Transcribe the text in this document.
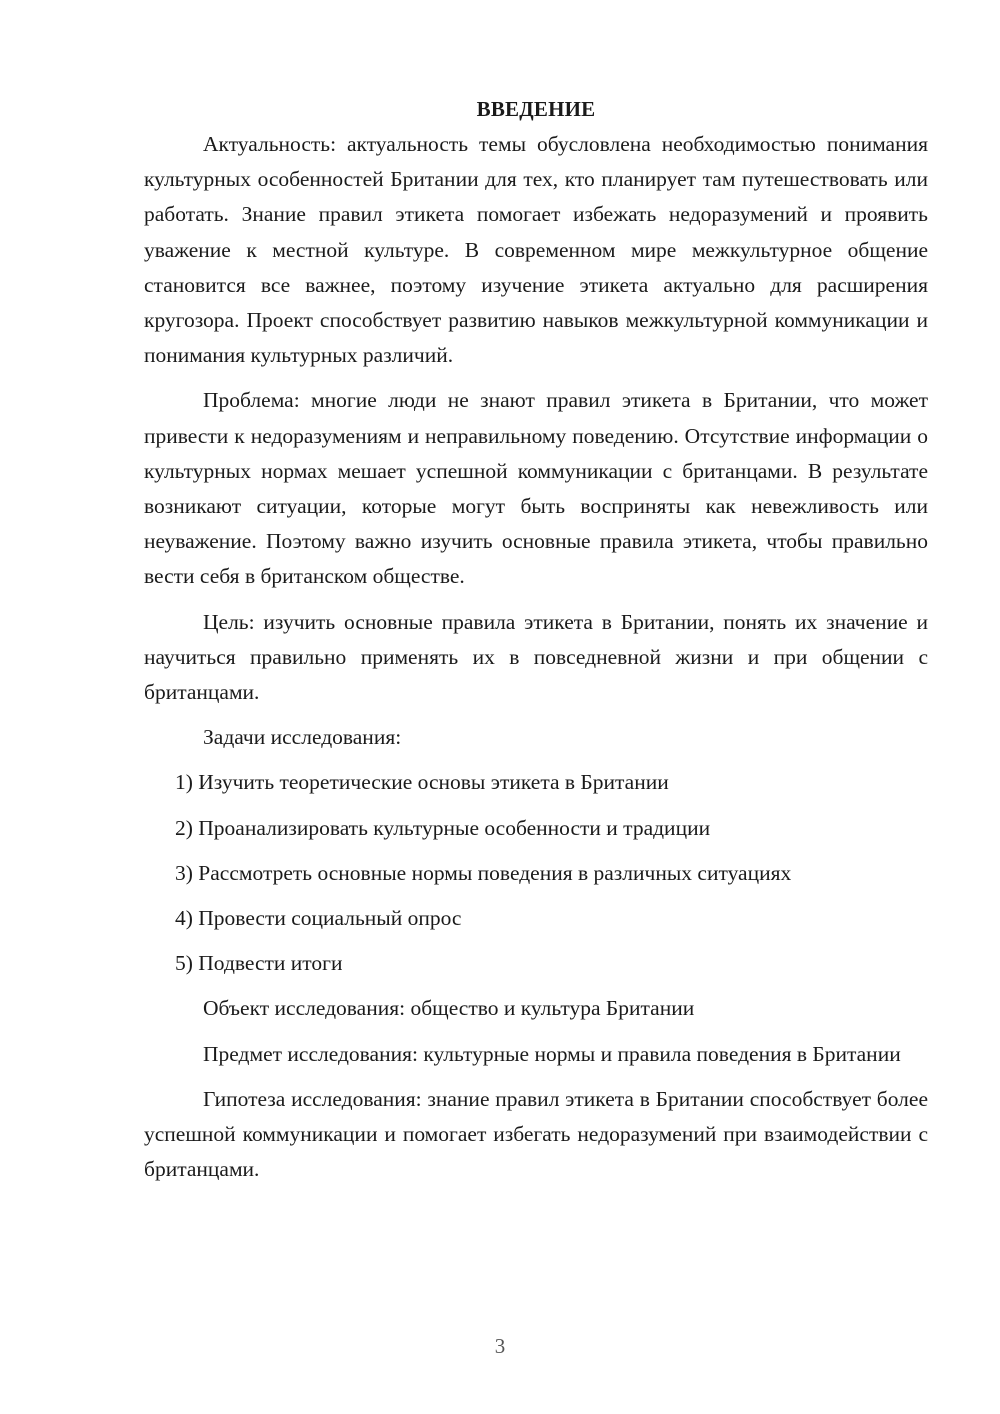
ВВЕДЕНИЕ

Актуальность: актуальность темы обусловлена необходимостью понимания культурных особенностей Британии для тех, кто планирует там путешествовать или работать. Знание правил этикета помогает избежать недоразумений и проявить уважение к местной культуре. В современном мире межкультурное общение становится все важнее, поэтому изучение этикета актуально для расширения кругозора. Проект способствует развитию навыков межкультурной коммуникации и понимания культурных различий.

Проблема: многие люди не знают правил этикета в Британии, что может привести к недоразумениям и неправильному поведению. Отсутствие информации о культурных нормах мешает успешной коммуникации с британцами. В результате возникают ситуации, которые могут быть восприняты как невежливость или неуважение. Поэтому важно изучить основные правила этикета, чтобы правильно вести себя в британском обществе.

Цель: изучить основные правила этикета в Британии, понять их значение и научиться правильно применять их в повседневной жизни и при общении с британцами.

Задачи исследования:

1) Изучить теоретические основы этикета в Британии
2) Проанализировать культурные особенности и традиции
3) Рассмотреть основные нормы поведения в различных ситуациях
4) Провести социальный опрос
5) Подвести итоги

Объект исследования: общество и культура Британии

Предмет исследования: культурные нормы и правила поведения в Британии

Гипотеза исследования: знание правил этикета в Британии способствует более успешной коммуникации и помогает избегать недоразумений при взаимодействии с британцами.

3
